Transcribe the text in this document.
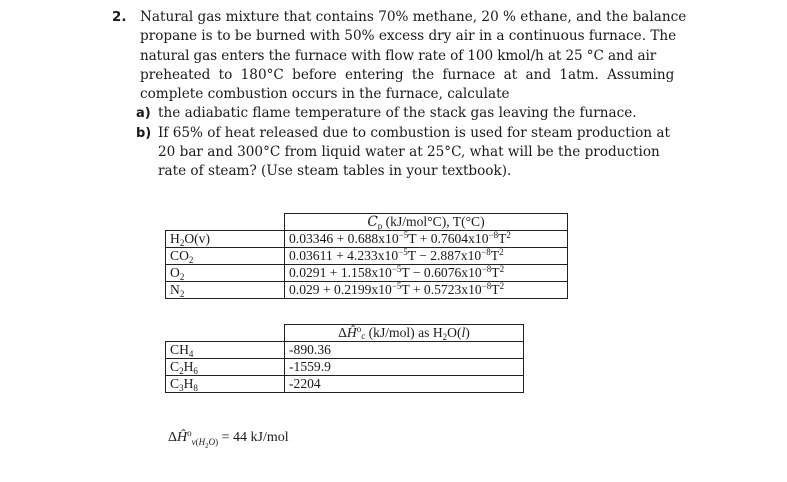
2. Natural gas mixture that contains 70% methane, 20 % ethane, and the balance
propane is to be burned with 50% excess dry air in a continuous furnace. The
natural gas enters the furnace with flow rate of 100 kmol/h at 25 °C and air
preheated to 180°C before entering the furnace at and 1atm. Assuming
complete combustion occurs in the furnace, calculate
a) the adiabatic flame temperature of the stack gas leaving the furnace.
b) If 65% of heat released due to combustion is used for steam production at
20 bar and 300°C from liquid water at 25°C, what will be the production
rate of steam? (Use steam tables in your textbook).
	$C_p$ (kJ/mol°C), T(°C)
$H_2O(v)$	$0.03346 + 0.688x10^{-5}T + 0.7604x10^{-8}T^2$
$CO_2$	$0.03611 + 4.233x10^{-5}T - 2.887x10^{-8}T^2$
$O_2$	$0.0291 + 1.158x10^{-5}T - 0.6076x10^{-8}T^2$
$N_2$	$0.029 + 0.2199x10^{-5}T + 0.5723x10^{-8}T^2$
	$\Delta Ĥ^o_c$ (kJ/mol) as $H_2O(l)$
$CH_4$	-890.36
$C_2H_6$	-1559.9
$C_3H_8$	-2204
$\Delta Ĥ^o_{v(H_2O)} = 44$ kJ/mol
